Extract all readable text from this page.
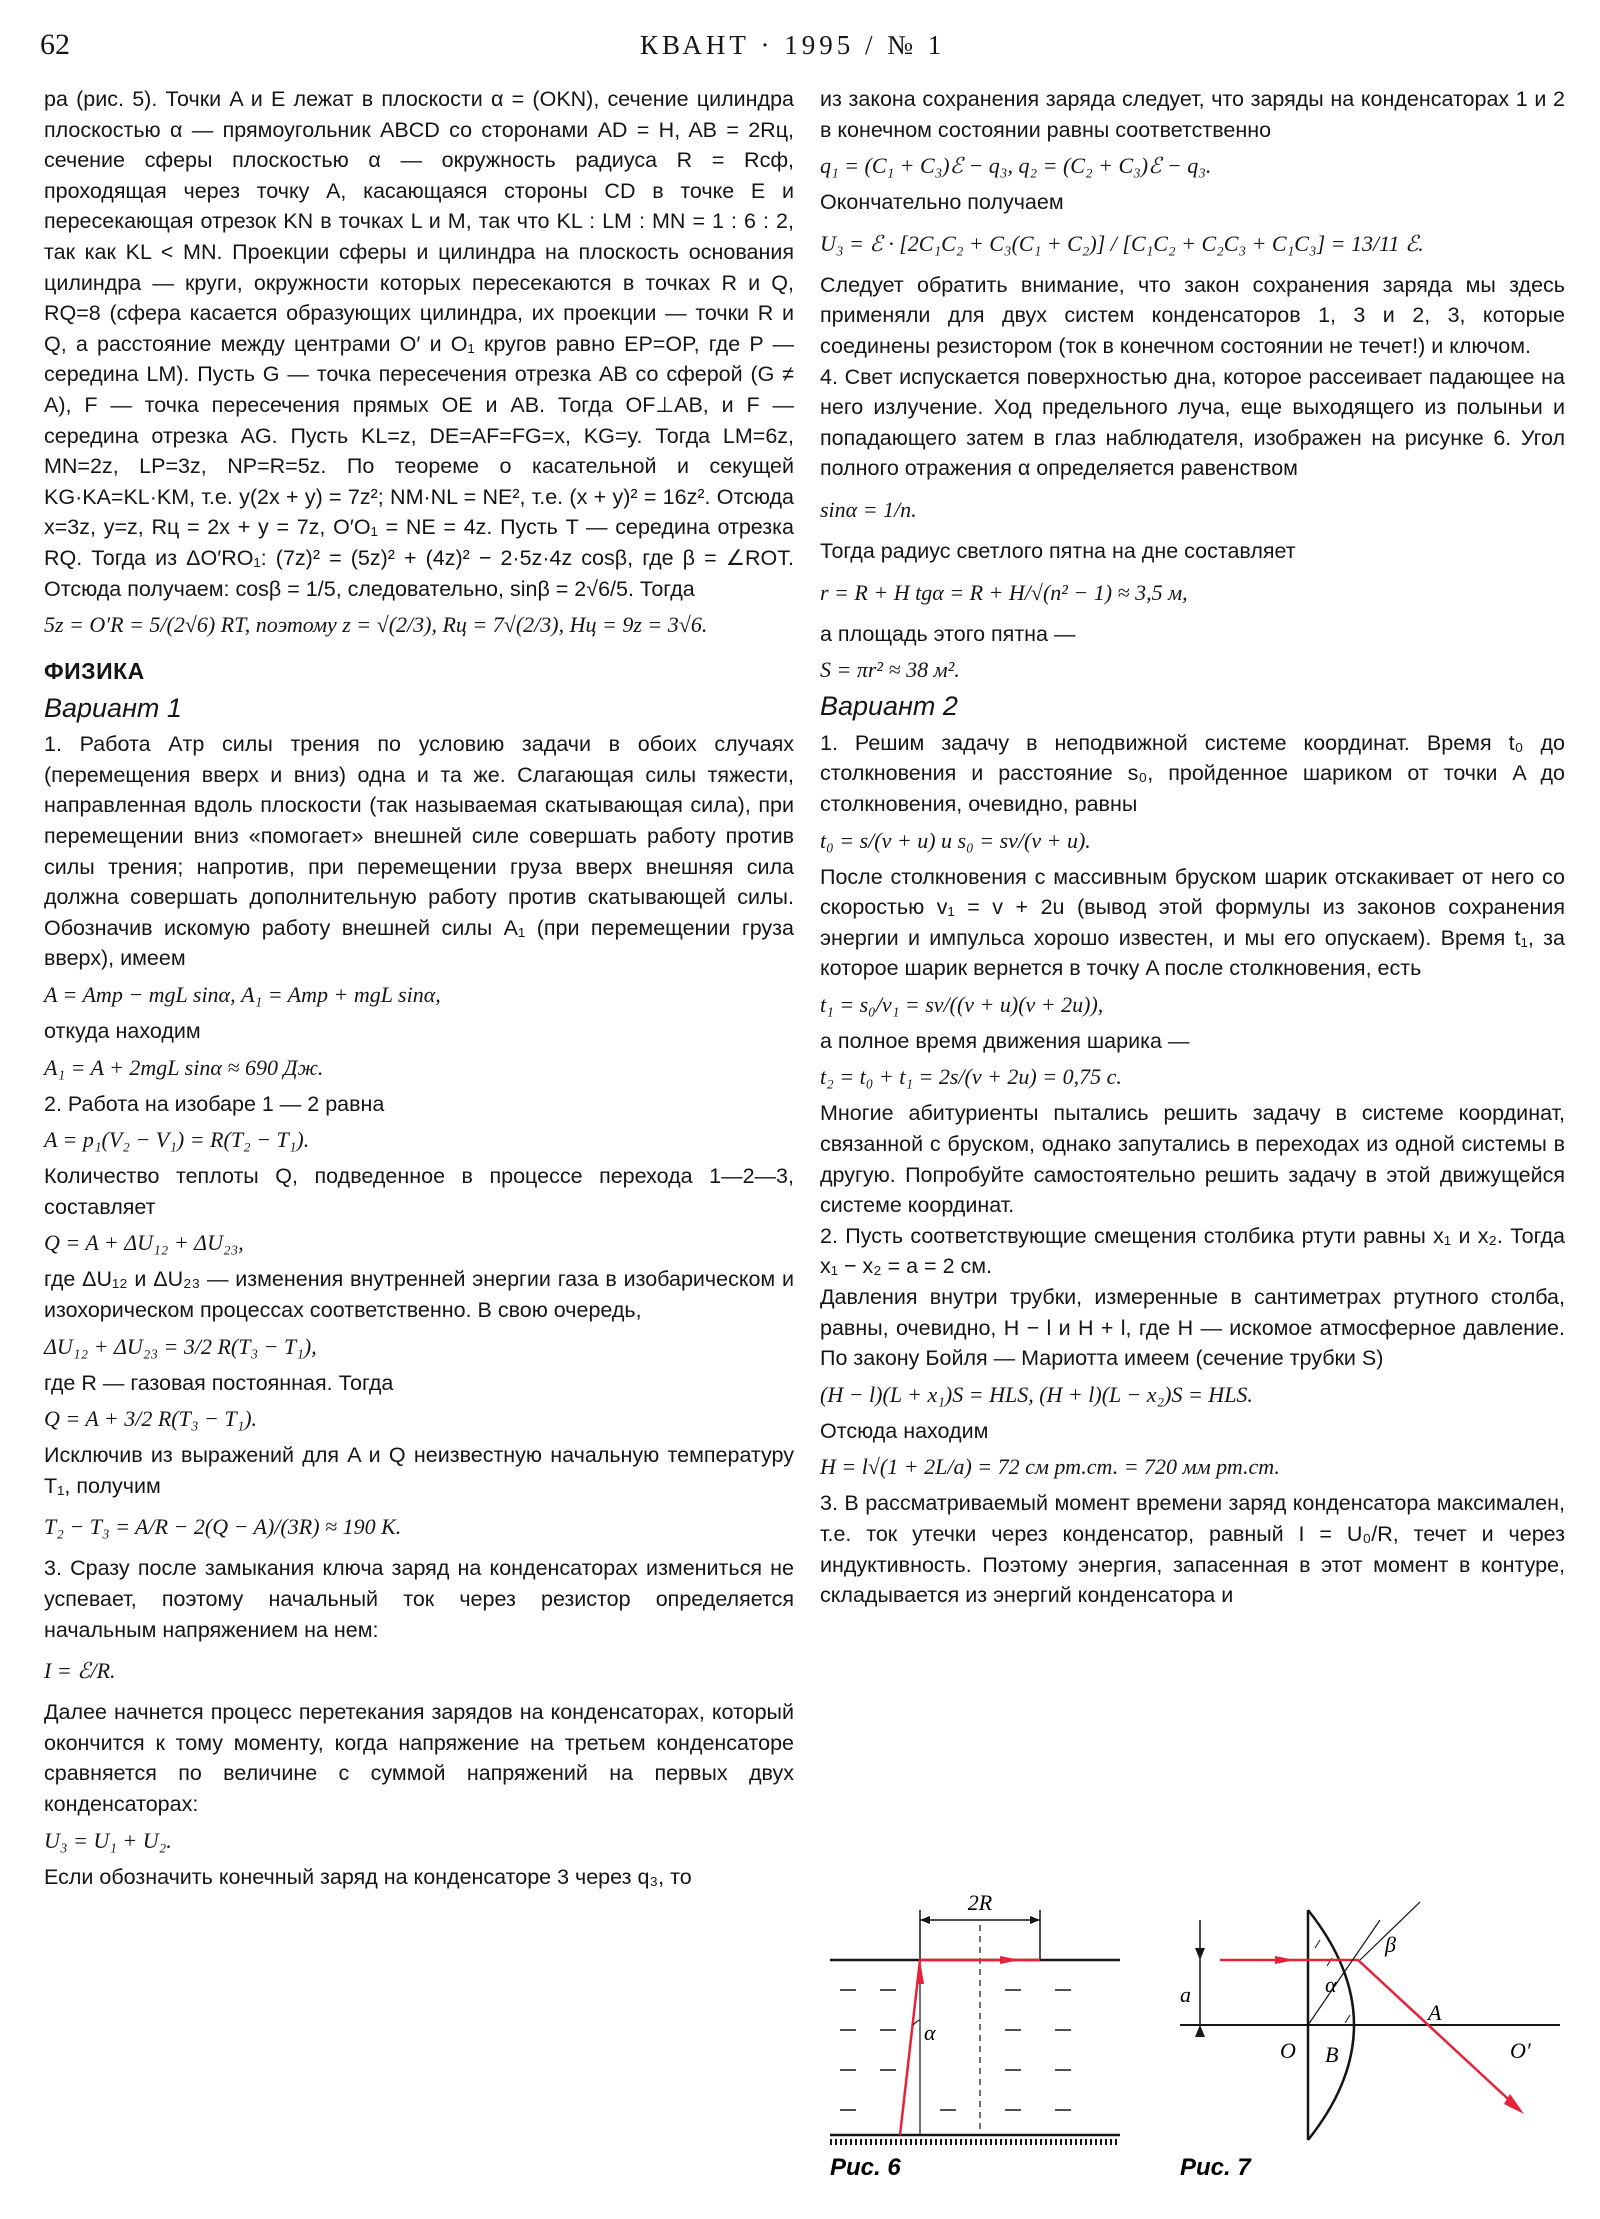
62	КВАНТ · 1995 / № 1

ра (рис. 5). Точки A и E лежат в плоскости α = (OKN), сечение цилиндра плоскостью α — прямоугольник ABCD со сторонами AD = H, AB = 2Rц, сечение сферы плоскостью α — окружность радиуса R = Rсф, проходящая через точку A, касающаяся стороны CD в точке E и пересекающая отрезок KN в точках L и M, так что KL : LM : MN = 1 : 6 : 2, так как KL < MN. Проекции сферы и цилиндра на плоскость основания цилиндра — круги, окружности которых пересекаются в точках R и Q, RQ=8 (сфера касается образующих цилиндра, их проекции — точки R и Q, а расстояние между центрами O′ и O₁ кругов равно EP=OP, где P — середина LM). Пусть G — точка пересечения отрезка AB со сферой (G ≠ A), F — точка пересечения прямых OE и AB. Тогда OF⊥AB, и F — середина отрезка AG. Пусть KL=z, DE=AF=FG=x, KG=y. Тогда LM=6z, MN=2z, LP=3z, NP=R=5z. По теореме о касательной и секущей KG·KA=KL·KM, т.е. y(2x + y) = 7z²; NM·NL = NE², т.е. (x + y)² = 16z². Отсюда x=3z, y=z, Rц = 2x + y = 7z, O′O₁ = NE = 4z. Пусть T — середина отрезка RQ. Тогда из ΔO′RO₁: (7z)² = (5z)² + (4z)² − 2·5z·4z cosβ, где β = ∠ROT. Отсюда получаем: cosβ = 1/5, следовательно, sinβ = 2√6/5. Тогда

5z = O′R = 5/(2√6) RT, поэтому z = √(2/3), Rц = 7√(2/3), Hц = 9z = 3√6.

ФИЗИКА
Вариант 1

1. Работа Aтр силы трения по условию задачи в обоих случаях (перемещения вверх и вниз) одна и та же. Слагающая силы тяжести, направленная вдоль плоскости (так называемая скатывающая сила), при перемещении вниз «помогает» внешней силе совершать работу против силы трения; напротив, при перемещении груза вверх внешняя сила должна совершать дополнительную работу против скатывающей силы. Обозначив искомую работу внешней силы A₁ (при перемещении груза вверх), имеем

A = Aтр − mgL sinα, A₁ = Aтр + mgL sinα,

откуда находим

A₁ = A + 2mgL sinα ≈ 690 Дж.

2. Работа на изобаре 1 — 2 равна

A = p₁(V₂ − V₁) = R(T₂ − T₁).

Количество теплоты Q, подведенное в процессе перехода 1—2—3, составляет

Q = A + ΔU₁₂ + ΔU₂₃,

где ΔU₁₂ и ΔU₂₃ — изменения внутренней энергии газа в изобарическом и изохорическом процессах соответственно. В свою очередь,

ΔU₁₂ + ΔU₂₃ = 3/2 R(T₃ − T₁),

где R — газовая постоянная. Тогда

Q = A + 3/2 R(T₃ − T₁).

Исключив из выражений для A и Q неизвестную начальную температуру T₁, получим

T₂ − T₃ = A/R − 2(Q − A)/(3R) ≈ 190 K.

3. Сразу после замыкания ключа заряд на конденсаторах измениться не успевает, поэтому начальный ток через резистор определяется начальным напряжением на нем:

I = ℰ/R.

Далее начнется процесс перетекания зарядов на конденсаторах, который окончится к тому моменту, когда напряжение на третьем конденсаторе сравняется по величине с суммой напряжений на первых двух конденсаторах:

U₃ = U₁ + U₂.

Если обозначить конечный заряд на конденсаторе 3 через q₃, то

из закона сохранения заряда следует, что заряды на конденсаторах 1 и 2 в конечном состоянии равны соответственно

q₁ = (C₁ + C₃)ℰ − q₃, q₂ = (C₂ + C₃)ℰ − q₃.

Окончательно получаем

U₃ = ℰ · [2C₁C₂ + C₃(C₁ + C₂)] / [C₁C₂ + C₂C₃ + C₁C₃] = 13/11 ℰ.

Следует обратить внимание, что закон сохранения заряда мы здесь применяли для двух систем конденсаторов 1, 3 и 2, 3, которые соединены резистором (ток в конечном состоянии не течет!) и ключом.

4. Свет испускается поверхностью дна, которое рассеивает падающее на него излучение. Ход предельного луча, еще выходящего из полыньи и попадающего затем в глаз наблюдателя, изображен на рисунке 6. Угол полного отражения α определяется равенством

sinα = 1/n.

Тогда радиус светлого пятна на дне составляет

r = R + H tgα = R + H/√(n² − 1) ≈ 3,5 м,

а площадь этого пятна —

S = πr² ≈ 38 м².

Вариант 2

1. Решим задачу в неподвижной системе координат. Время t₀ до столкновения и расстояние s₀, пройденное шариком от точки A до столкновения, очевидно, равны

t₀ = s/(v + u) и s₀ = sv/(v + u).

После столкновения с массивным бруском шарик отскакивает от него со скоростью v₁ = v + 2u (вывод этой формулы из законов сохранения энергии и импульса хорошо известен, и мы его опускаем). Время t₁, за которое шарик вернется в точку A после столкновения, есть

t₁ = s₀/v₁ = sv/((v + u)(v + 2u)),

а полное время движения шарика —

t₂ = t₀ + t₁ = 2s/(v + 2u) = 0,75 с.

Многие абитуриенты пытались решить задачу в системе координат, связанной с бруском, однако запутались в переходах из одной системы в другую. Попробуйте самостоятельно решить задачу в этой движущейся системе координат.

2. Пусть соответствующие смещения столбика ртути равны x₁ и x₂. Тогда x₁ − x₂ = a = 2 см.

Давления внутри трубки, измеренные в сантиметрах ртутного столба, равны, очевидно, H − l и H + l, где H — искомое атмосферное давление. По закону Бойля — Мариотта имеем (сечение трубки S)

(H − l)(L + x₁)S = HLS, (H + l)(L − x₂)S = HLS.

Отсюда находим

H = l√(1 + 2L/a) = 72 см рт.ст. = 720 мм рт.ст.

3. В рассматриваемый момент времени заряд конденсатора максимален, т.е. ток утечки через конденсатор, равный I = U₀/R, течет и через индуктивность. Поэтому энергия, запасенная в этот момент в контуре, складывается из энергий конденсатора и

2R
α
Рис. 6
a	α
β
O B
A
O′
Рис. 7
